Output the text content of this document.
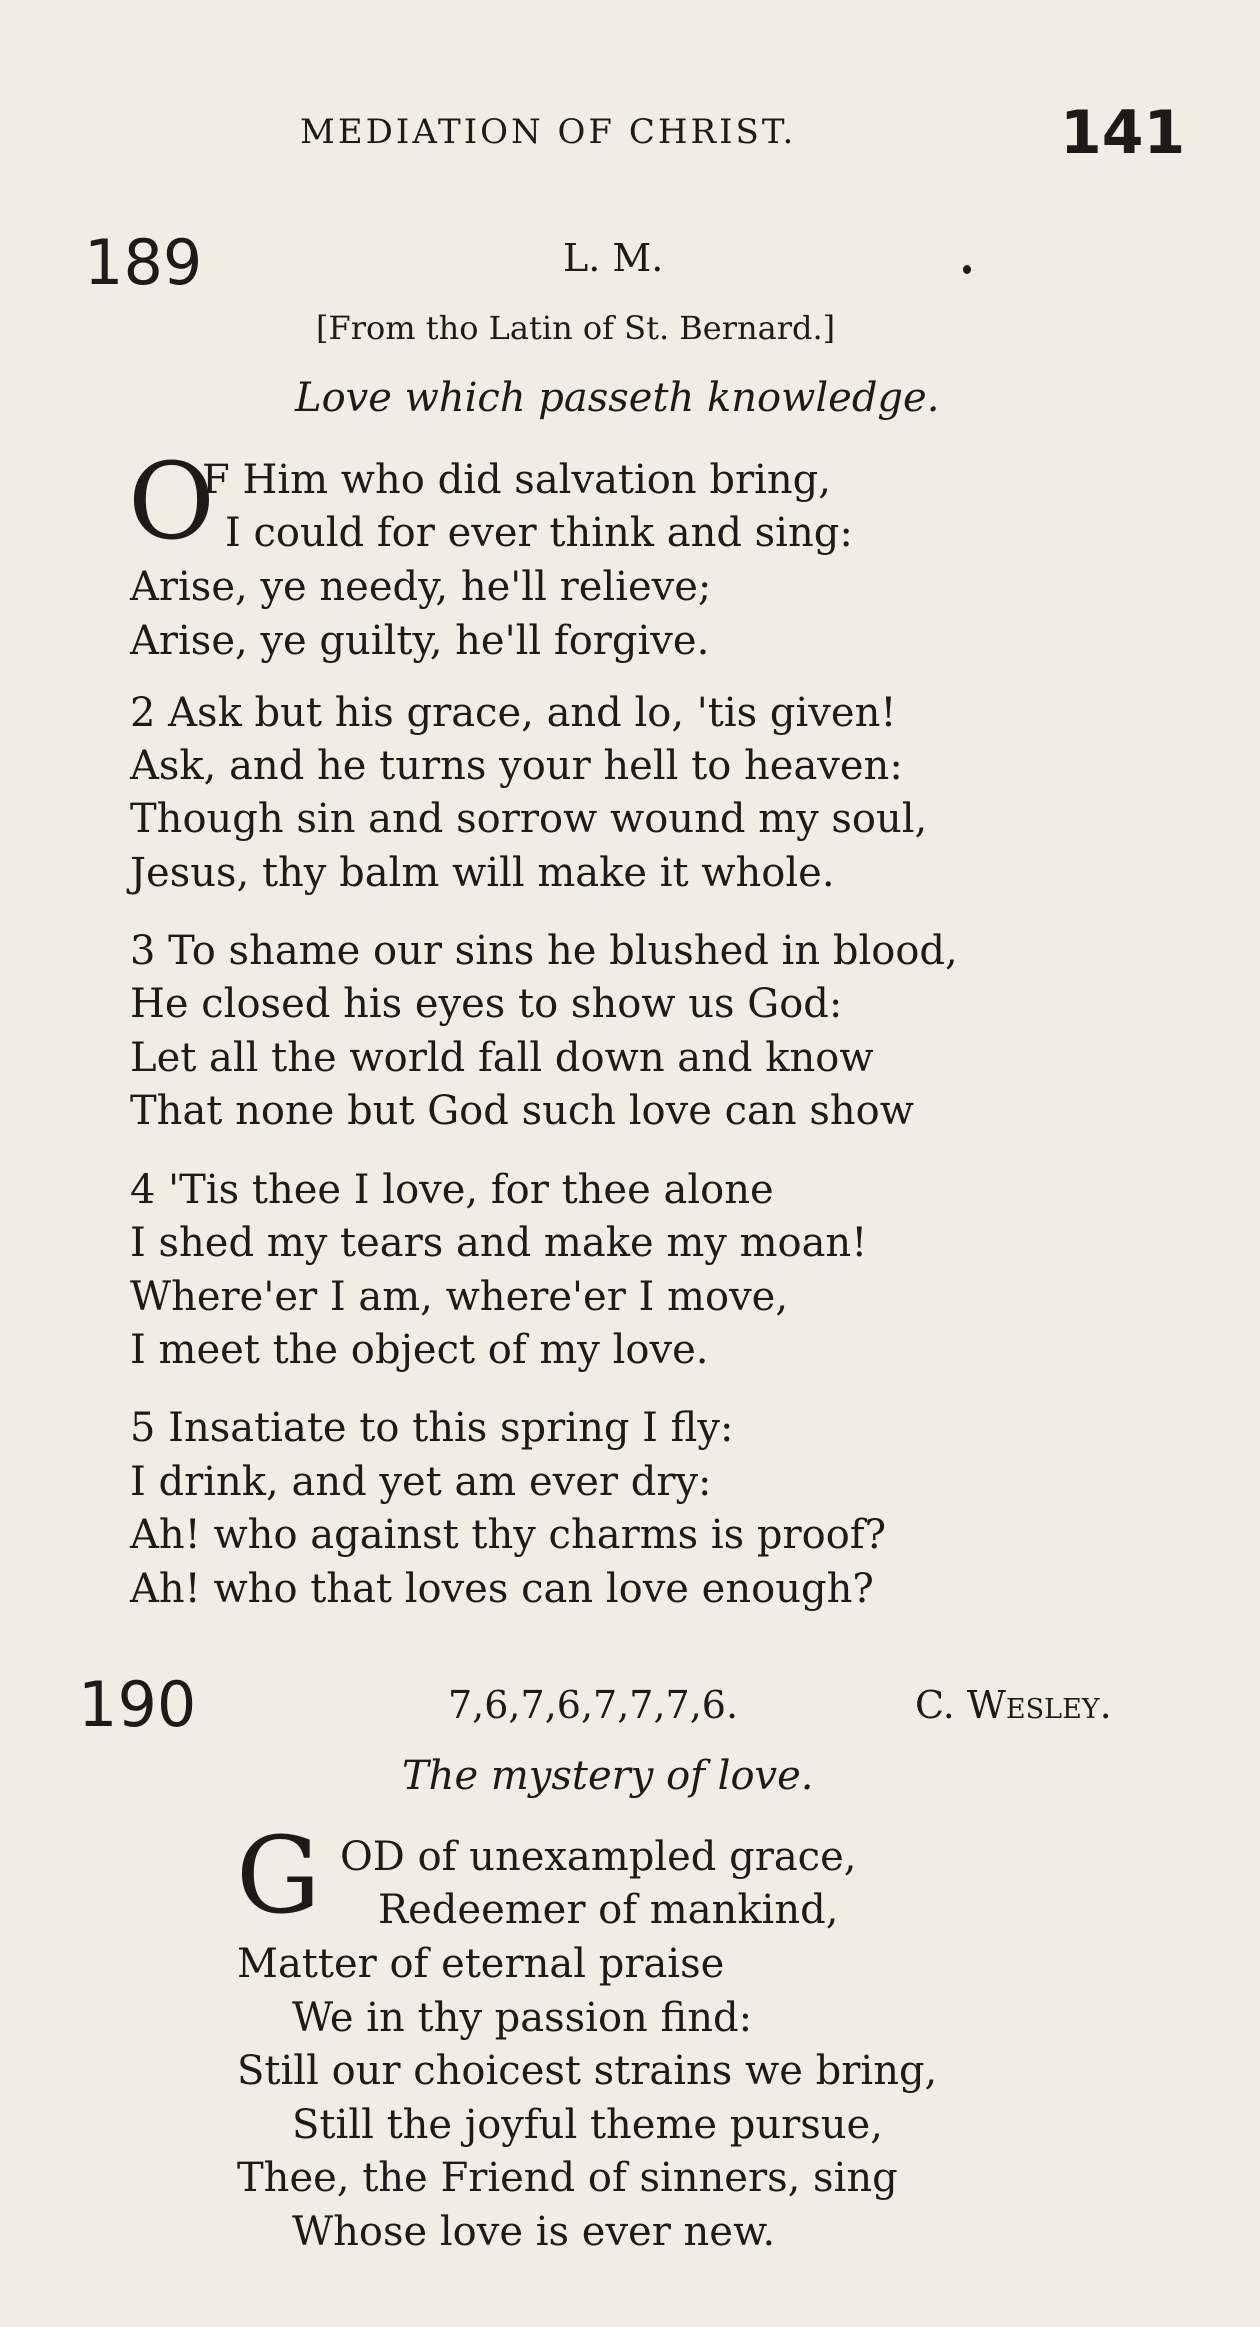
MEDIATION OF CHRIST.	141
189	L. M.
[From tho Latin of St. Bernard.]
Love which passeth knowledge.
O
F Him who did salvation bring,
I could for ever think and sing:
Arise, ye needy, he'll relieve;
Arise, ye guilty, he'll forgive.
2 Ask but his grace, and lo, 'tis given!
Ask, and he turns your hell to heaven:
Though sin and sorrow wound my soul,
Jesus, thy balm will make it whole.
3 To shame our sins he blushed in blood,
He closed his eyes to show us God:
Let all the world fall down and know
That none but God such love can show
4 'Tis thee I love, for thee alone
I shed my tears and make my moan!
Where'er I am, where'er I move,
I meet the object of my love.
5 Insatiate to this spring I fly:
I drink, and yet am ever dry:
Ah! who against thy charms is proof?
Ah! who that loves can love enough?
190	7,6,7,6,7,7,7,6.	C. Wesley.
The mystery of love.
G OD of unexampled grace,
Redeemer of mankind,
Matter of eternal praise
We in thy passion find:
Still our choicest strains we bring,
Still the joyful theme pursue,
Thee, the Friend of sinners, sing
Whose love is ever new.
